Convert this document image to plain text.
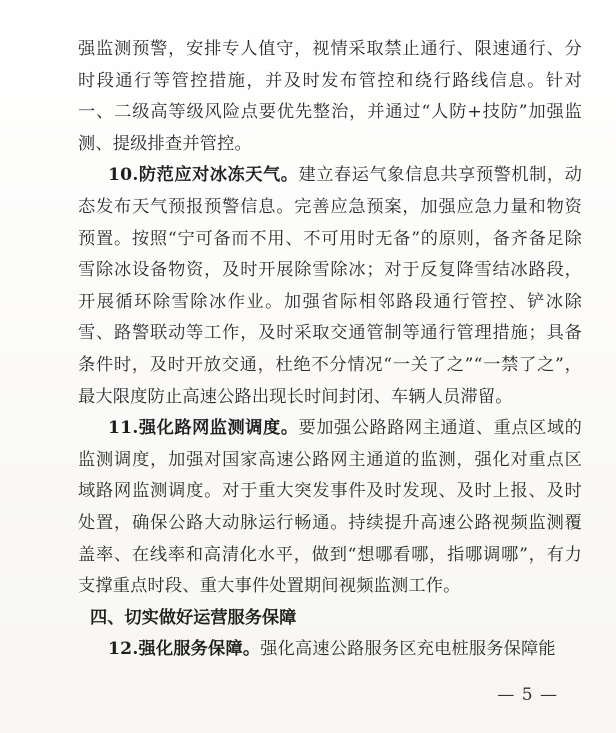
强监测预警，安排专人值守，视情采取禁止通行、限速通行、分时段通行等管控措施，并及时发布管控和绕行路线信息。针对一、二级高等级风险点要优先整治，并通过“人防+技防”加强监测、提级排查并管控。

10.防范应对冰冻天气。建立春运气象信息共享预警机制，动态发布天气预报预警信息。完善应急预案，加强应急力量和物资预置。按照“宁可备而不用、不可用时无备”的原则，备齐备足除雪除冰设备物资，及时开展除雪除冰；对于反复降雪结冰路段，开展循环除雪除冰作业。加强省际相邻路段通行管控、铲冰除雪、路警联动等工作，及时采取交通管制等通行管理措施；具备条件时，及时开放交通，杜绝不分情况“一关了之”“一禁了之”，最大限度防止高速公路出现长时间封闭、车辆人员滞留。

11.强化路网监测调度。要加强公路路网主通道、重点区域的监测调度，加强对国家高速公路网主通道的监测，强化对重点区域路网监测调度。对于重大突发事件及时发现、及时上报、及时处置，确保公路大动脉运行畅通。持续提升高速公路视频监测覆盖率、在线率和高清化水平，做到“想哪看哪，指哪调哪”，有力支撑重点时段、重大事件处置期间视频监测工作。

四、切实做好运营服务保障

12.强化服务保障。强化高速公路服务区充电桩服务保障能

— 5 —
